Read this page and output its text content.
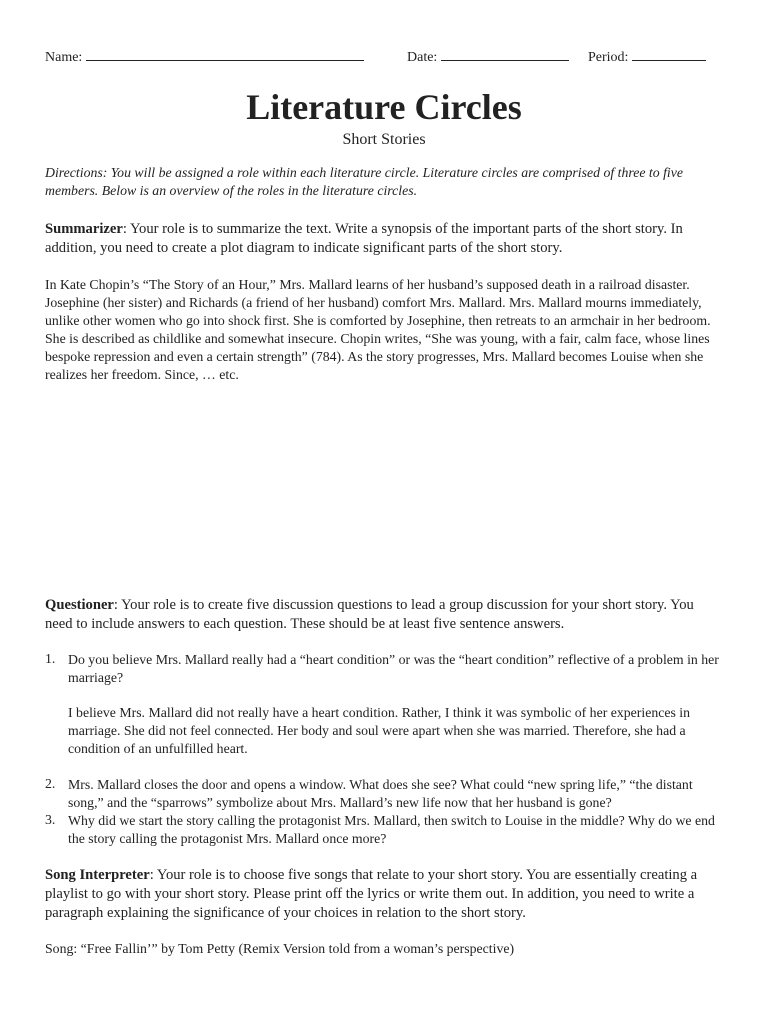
Name:	Date:	Period:
Literature Circles
Short Stories
Directions: You will be assigned a role within each literature circle. Literature circles are comprised of three to five members. Below is an overview of the roles in the literature circles.
Summarizer: Your role is to summarize the text. Write a synopsis of the important parts of the short story. In addition, you need to create a plot diagram to indicate significant parts of the short story.
In Kate Chopin’s “The Story of an Hour,” Mrs. Mallard learns of her husband’s supposed death in a railroad disaster. Josephine (her sister) and Richards (a friend of her husband) comfort Mrs. Mallard. Mrs. Mallard mourns immediately, unlike other women who go into shock first. She is comforted by Josephine, then retreats to an armchair in her bedroom. She is described as childlike and somewhat insecure. Chopin writes, “She was young, with a fair, calm face, whose lines bespoke repression and even a certain strength” (784). As the story progresses, Mrs. Mallard becomes Louise when she realizes her freedom. Since, … etc.
Questioner: Your role is to create five discussion questions to lead a group discussion for your short story. You need to include answers to each question. These should be at least five sentence answers.
1. Do you believe Mrs. Mallard really had a “heart condition” or was the “heart condition” reflective of a problem in her marriage?
I believe Mrs. Mallard did not really have a heart condition. Rather, I think it was symbolic of her experiences in marriage. She did not feel connected. Her body and soul were apart when she was married. Therefore, she had a condition of an unfulfilled heart.
2. Mrs. Mallard closes the door and opens a window. What does she see? What could “new spring life,” “the distant song,” and the “sparrows” symbolize about Mrs. Mallard’s new life now that her husband is gone?
3. Why did we start the story calling the protagonist Mrs. Mallard, then switch to Louise in the middle? Why do we end the story calling the protagonist Mrs. Mallard once more?
Song Interpreter: Your role is to choose five songs that relate to your short story. You are essentially creating a playlist to go with your short story. Please print off the lyrics or write them out. In addition, you need to write a paragraph explaining the significance of your choices in relation to the short story.
Song: “Free Fallin’” by Tom Petty (Remix Version told from a woman’s perspective)
